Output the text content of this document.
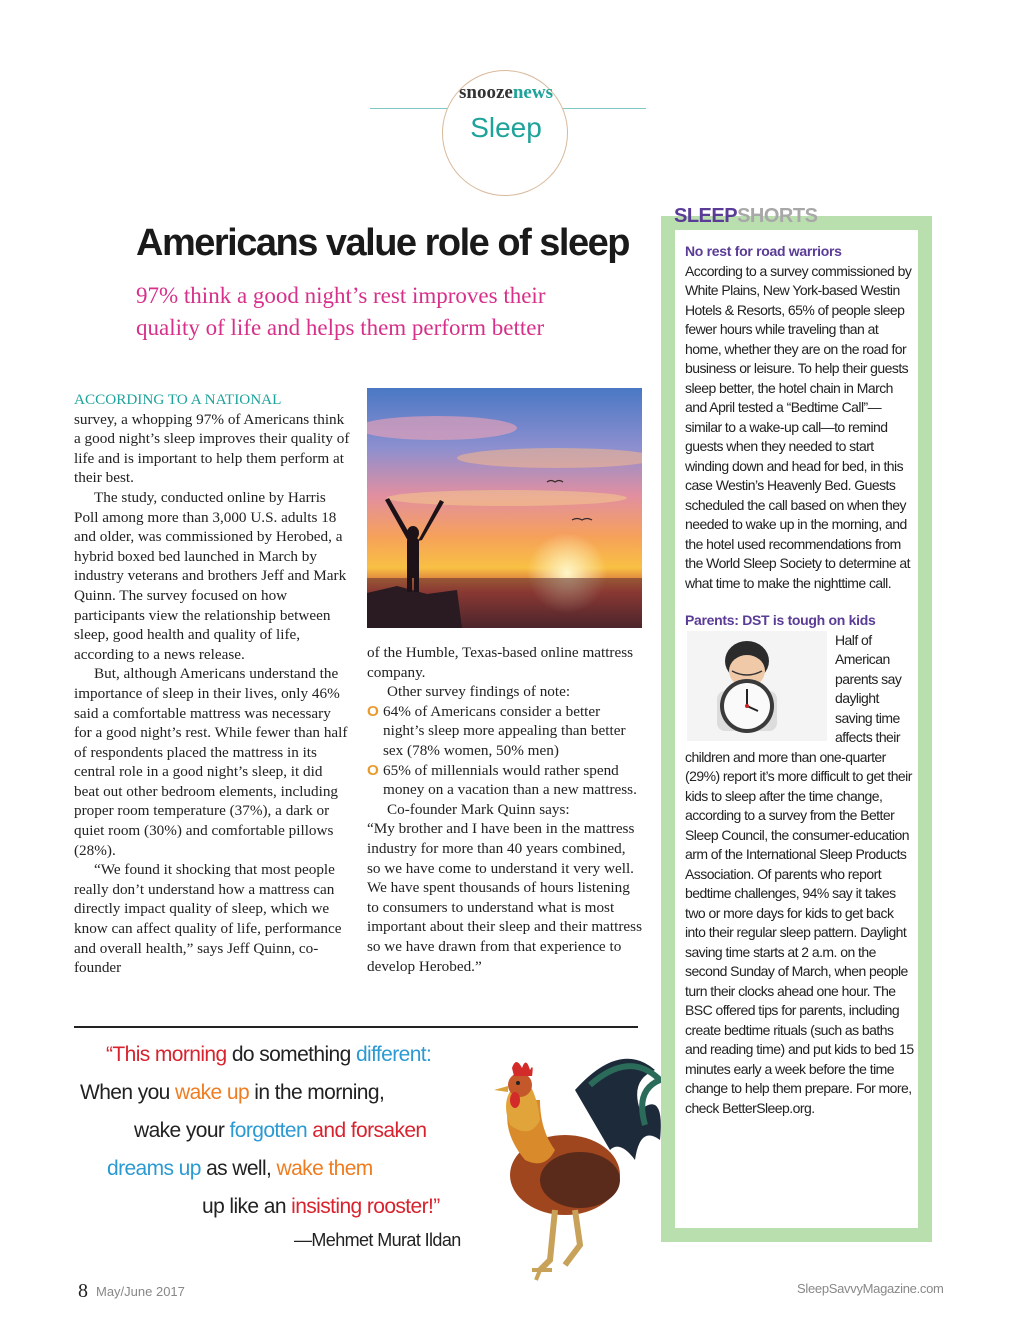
snoozenews
Sleep
Americans value role of sleep
97% think a good night’s rest improves their
quality of life and helps them perform better

ACCORDING TO A NATIONAL
survey, a whopping 97% of Americans think a good night’s sleep improves their quality of life and is important to help them perform at their best.

The study, conducted online by Harris Poll among more than 3,000 U.S. adults 18 and older, was commissioned by Herobed, a hybrid boxed bed launched in March by industry veterans and brothers Jeff and Mark Quinn. The survey focused on how participants view the relationship between sleep, good health and quality of life, according to a news release.

But, although Americans understand the importance of sleep in their lives, only 46% said a comfortable mattress was necessary for a good night’s rest. While fewer than half of respondents placed the mattress in its central role in a good night’s sleep, it did beat out other bedroom elements, including proper room temperature (37%), a dark or quiet room (30%) and comfortable pillows (28%).

“We found it shocking that most people really don’t understand how a mattress can directly impact quality of sleep, which we know can affect quality of life, performance and overall health,” says Jeff Quinn, co-founder

of the Humble, Texas-based online mattress company.

Other survey findings of note:

O 64% of Americans consider a better night’s sleep more appealing than better sex (78% women, 50% men)

O 65% of millennials would rather spend money on a vacation than a new mattress.

Co-founder Mark Quinn says:

“My brother and I have been in the mattress industry for more than 40 years combined, so we have come to understand it very well. We have spent thousands of hours listening to consumers to understand what is most important about their sleep and their mattress so we have drawn from that experience to develop Herobed.”

“This morning do something different:
When you wake up in the morning,
wake your forgotten and forsaken
dreams up as well, wake them
up like an insisting rooster!”
—Mehmet Murat Ildan
SLEEPSHORTS
No rest for road warriors
According to a survey commissioned by White Plains, New York-based Westin Hotels & Resorts, 65% of people sleep fewer hours while traveling than at home, whether they are on the road for business or leisure. To help their guests sleep better, the hotel chain in March and April tested a “Bedtime Call”—similar to a wake-up call—to remind guests when they needed to start winding down and head for bed, in this case Westin’s Heavenly Bed. Guests scheduled the call based on when they needed to wake up in the morning, and the hotel used recommendations from the World Sleep Society to determine at what time to make the nighttime call.
Parents: DST is tough on kids
Half of American parents say daylight saving time affects their children and more than one-quarter (29%) report it’s more difficult to get their kids to sleep after the time change, according to a survey from the Better Sleep Council, the consumer-education arm of the International Sleep Products Association. Of parents who report bedtime challenges, 94% say it takes two or more days for kids to get back into their regular sleep pattern. Daylight saving time starts at 2 a.m. on the second Sunday of March, when people turn their clocks ahead one hour. The BSC offered tips for parents, including create bedtime rituals (such as baths and reading time) and put kids to bed 15 minutes early a week before the time change to help them prepare. For more, check BetterSleep.org.
8 May/June 2017	SleepSavvyMagazine.com
